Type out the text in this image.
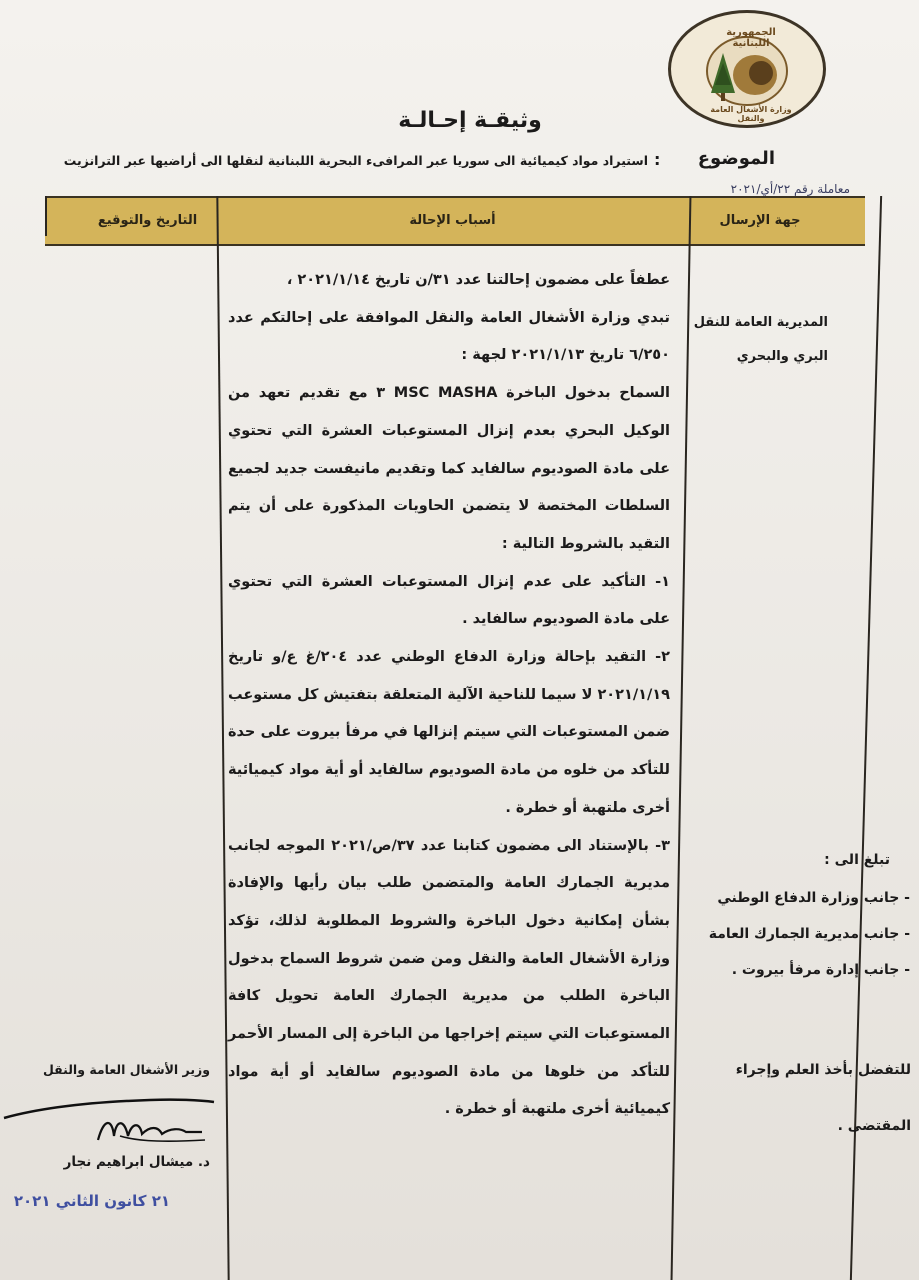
الجمهورية اللبنانية
وزارة الأشغال العامة والنقل
وثيقـة إحـالـة
الموضوع
:
استيراد مواد كيميائية الى سوريا عبر المرافىء البحرية اللبنانية لنقلها الى أراضيها عبر الترانزيت
معاملة رقم ٢٢/أي/٢٠٢١
التاريخ والتوقيع	أسباب الإحالة	جهة الإرسال
المديرية العامة للنقل البري والبحري

عطفاً على مضمون إحالتنا عدد ٣١/ن تاريخ ٢٠٢١/١/١٤ ،

تبدي وزارة الأشغال العامة والنقل الموافقة على إحالتكم عدد ٦/٢٥٠ تاريخ ٢٠٢١/١/١٣ لجهة :

السماح بدخول الباخرة MSC MASHA ٣ مع تقديم تعهد من الوكيل البحري بعدم إنزال المستوعبات العشرة التي تحتوي على مادة الصوديوم سالفايد كما وتقديم مانيفست جديد لجميع السلطات المختصة لا يتضمن الحاويات المذكورة على أن يتم التقيد بالشروط التالية :

١- التأكيد على عدم إنزال المستوعبات العشرة التي تحتوي على مادة الصوديوم سالفايد .

٢- التقيد بإحالة وزارة الدفاع الوطني عدد ٢٠٤/غ ع/و تاريخ ٢٠٢١/١/١٩ لا سيما للناحية الآلية المتعلقة بتفتيش كل مستوعب ضمن المستوعبات التي سيتم إنزالها في مرفأ بيروت على حدة للتأكد من خلوه من مادة الصوديوم سالفايد أو أية مواد كيميائية أخرى ملتهبة أو خطرة .

٣- بالإستناد الى مضمون كتابنا عدد ٣٧/ص/٢٠٢١ الموجه لجانب مديرية الجمارك العامة والمتضمن طلب بيان رأيها والإفادة بشأن إمكانية دخول الباخرة والشروط المطلوبة لذلك، تؤكد وزارة الأشغال العامة والنقل ومن ضمن شروط السماح بدخول الباخرة الطلب من مديرية الجمارك العامة تحويل كافة المستوعبات التي سيتم إخراجها من الباخرة إلى المسار الأحمر للتأكد من خلوها من مادة الصوديوم سالفايد أو أية مواد كيميائية أخرى ملتهبة أو خطرة .

تبلغ الى :
- جانب وزارة الدفاع الوطني
- جانب مديرية الجمارك العامة
- جانب إدارة مرفأ بيروت .
للتفضل بأخذ العلم وإجراء المقتضى .
وزير الأشغال العامة والنقل
د. ميشال ابراهيم نجار
٢١ كانون الثاني ٢٠٢١
